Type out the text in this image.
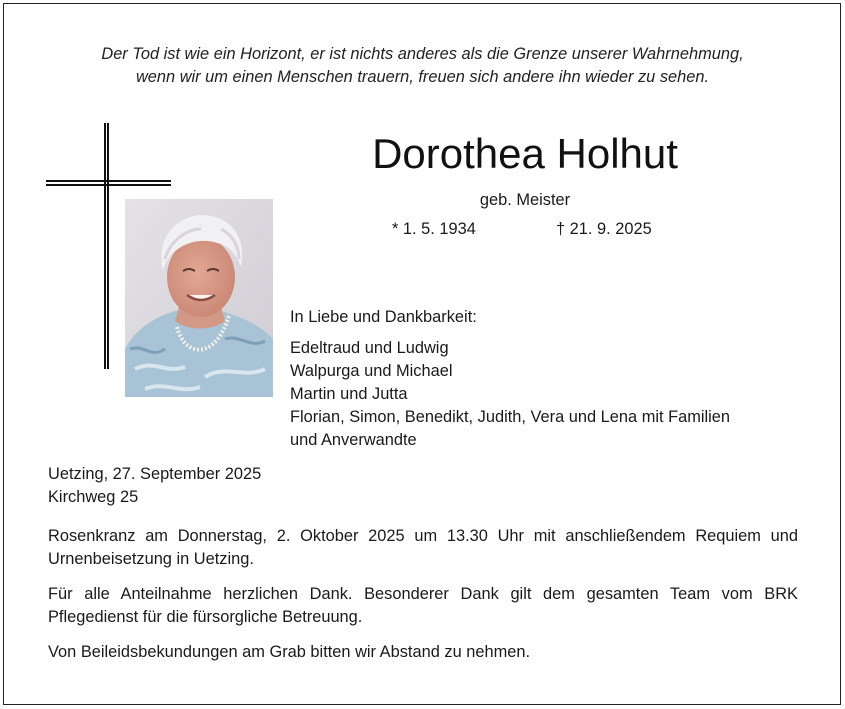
Der Tod ist wie ein Horizont, er ist nichts anderes als die Grenze unserer Wahrnehmung,
wenn wir um einen Menschen trauern, freuen sich andere ihn wieder zu sehen.
Dorothea Holhut
geb. Meister
* 1. 5. 1934	† 21. 9. 2025
In Liebe und Dankbarkeit:
Edeltraud und Ludwig
Walpurga und Michael
Martin und Jutta
Florian, Simon, Benedikt, Judith, Vera und Lena mit Familien
und Anverwandte
Uetzing, 27. September 2025
Kirchweg 25
Rosenkranz am Donnerstag, 2. Oktober 2025 um 13.30 Uhr mit anschließendem Requiem und Urnenbeisetzung in Uetzing.
Für alle Anteilnahme herzlichen Dank. Besonderer Dank gilt dem gesamten Team vom BRK Pflegedienst für die fürsorgliche Betreuung.
Von Beileidsbekundungen am Grab bitten wir Abstand zu nehmen.
